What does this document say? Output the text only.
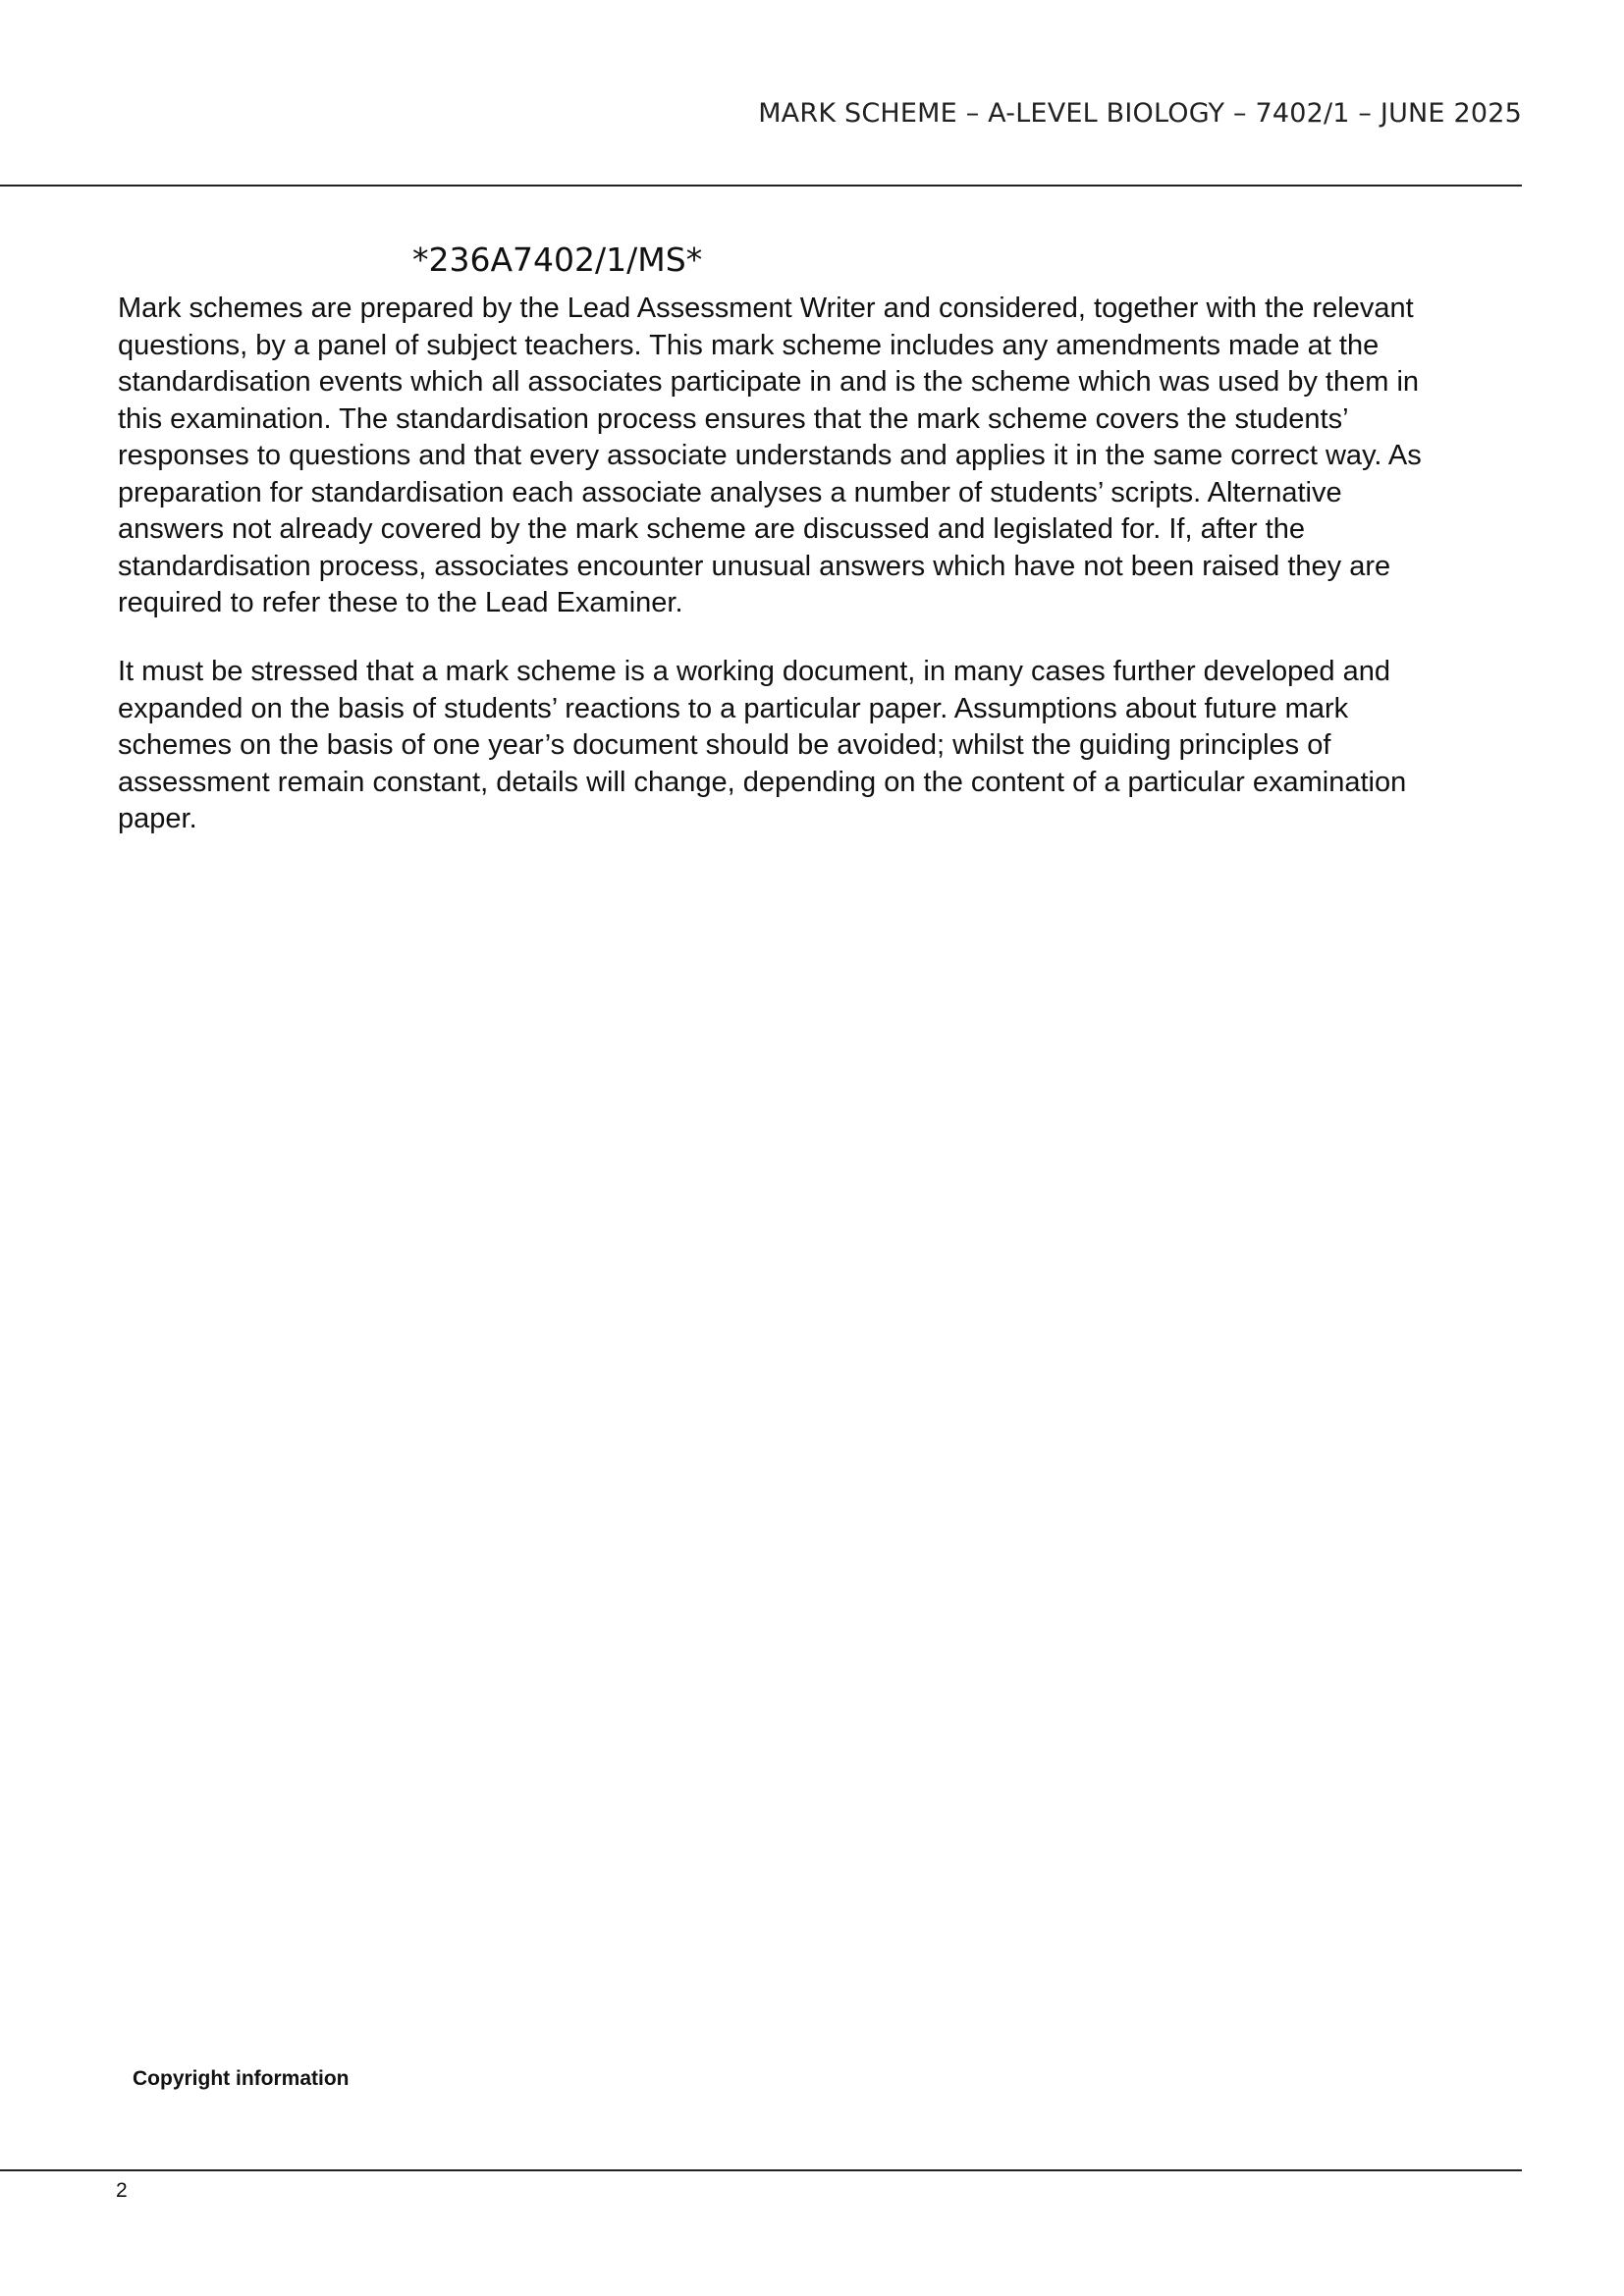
MARK SCHEME – A-LEVEL BIOLOGY – 7402/1 – JUNE 2025
*236A7402/1/MS*

Mark schemes are prepared by the Lead Assessment Writer and considered, together with the relevant
questions, by a panel of subject teachers. This mark scheme includes any amendments made at the
standardisation events which all associates participate in and is the scheme which was used by them in
this examination. The standardisation process ensures that the mark scheme covers the students’
responses to questions and that every associate understands and applies it in the same correct way. As
preparation for standardisation each associate analyses a number of students’ scripts. Alternative
answers not already covered by the mark scheme are discussed and legislated for. If, after the
standardisation process, associates encounter unusual answers which have not been raised they are
required to refer these to the Lead Examiner.

It must be stressed that a mark scheme is a working document, in many cases further developed and
expanded on the basis of students’ reactions to a particular paper. Assumptions about future mark
schemes on the basis of one year’s document should be avoided; whilst the guiding principles of
assessment remain constant, details will change, depending on the content of a particular examination
paper.

Copyright information
2
